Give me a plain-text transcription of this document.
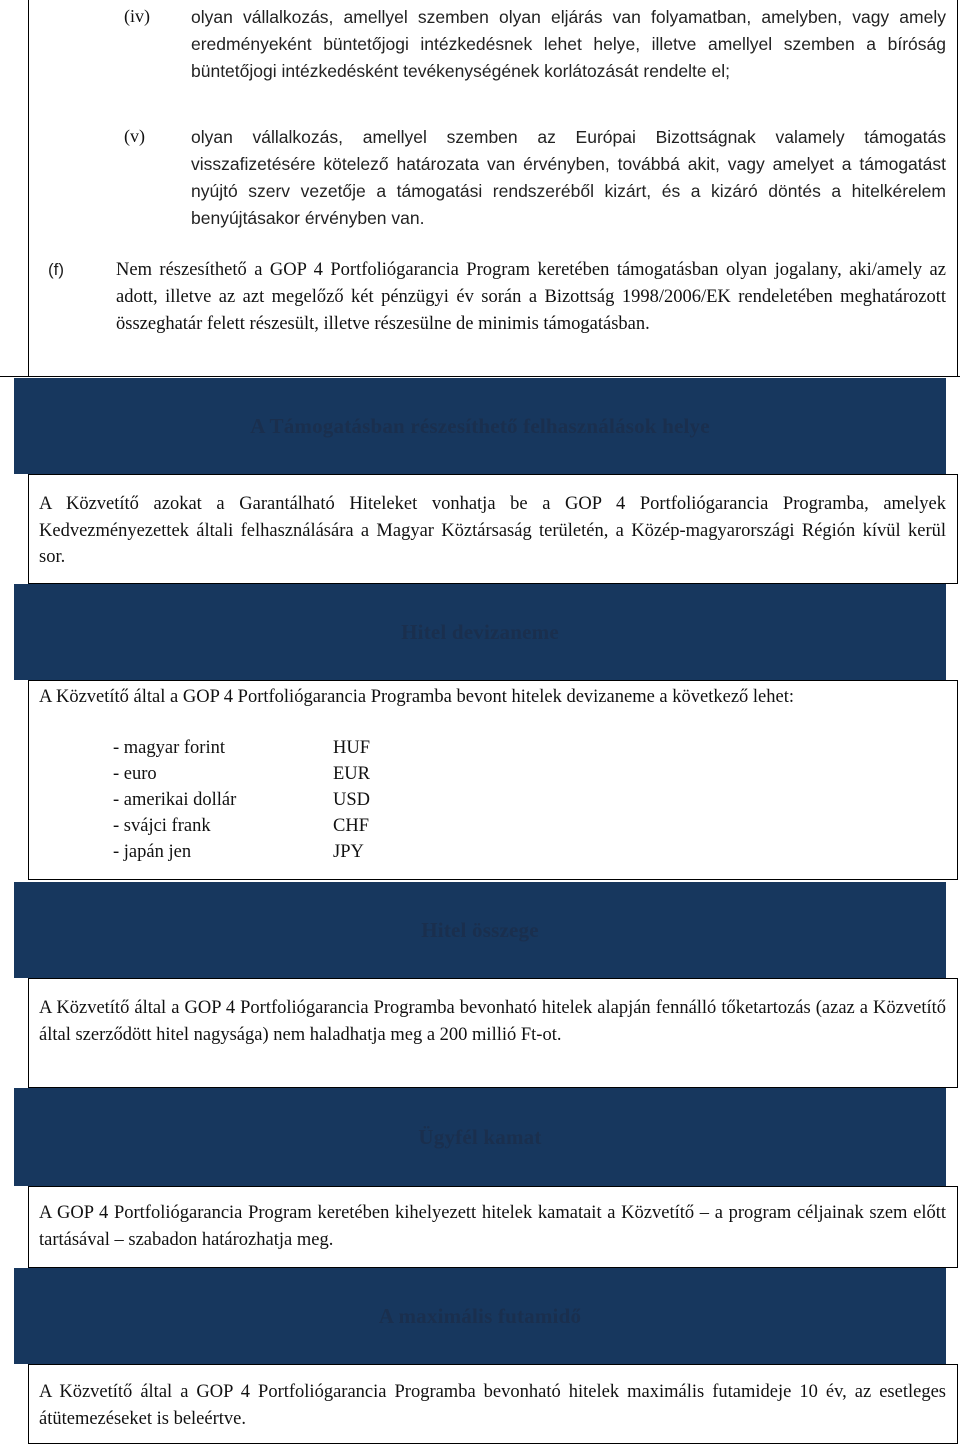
(iv) olyan vállalkozás, amellyel szemben olyan eljárás van folyamatban, amelyben, vagy amely eredményeként büntetőjogi intézkedésnek lehet helye, illetve amellyel szemben a bíróság büntetőjogi intézkedésként tevékenységének korlátozását rendelte el;
(v)	olyan vállalkozás, amellyel szemben az Európai Bizottságnak valamely támogatás visszafizetésére kötelező határozata van érvényben, továbbá akit, vagy amelyet a támogatást nyújtó szerv vezetője a támogatási rendszeréből kizárt, és a kizáró döntés a hitelkérelem benyújtásakor érvényben van.
(f)	Nem részesíthető a GOP 4 Portfoliógarancia Program keretében támogatásban olyan jogalany, aki/amely az adott, illetve az azt megelőző két pénzügyi év során a Bizottság 1998/2006/EK rendeletében meghatározott összeghatár felett részesült, illetve részesülne de minimis támogatásban.
A Támogatásban részesíthető felhasználások helye
A Közvetítő azokat a Garantálható Hiteleket vonhatja be a GOP 4 Portfoliógarancia Programba, amelyek Kedvezményezettek általi felhasználására a Magyar Köztársaság területén, a Közép-magyarországi Régión kívül kerül sor.
Hitel devizaneme
A Közvetítő által a GOP 4 Portfoliógarancia Programba bevont hitelek devizaneme a következő lehet:
- magyar forint	HUF
- euro	EUR
- amerikai dollár	USD
- svájci frank	CHF
- japán jen	JPY
Hitel összege
A Közvetítő által a GOP 4 Portfoliógarancia Programba bevonható hitelek alapján fennálló tőketartozás (azaz a Közvetítő által szerződött hitel nagysága) nem haladhatja meg a 200 millió Ft-ot.
Ügyfél kamat
A GOP 4 Portfoliógarancia Program keretében kihelyezett hitelek kamatait a Közvetítő – a program céljainak szem előtt tartásával – szabadon határozhatja meg.
A maximális futamidő
A Közvetítő által a GOP 4 Portfoliógarancia Programba bevonható hitelek maximális futamideje 10 év, az esetleges átütemezéseket is beleértve.
